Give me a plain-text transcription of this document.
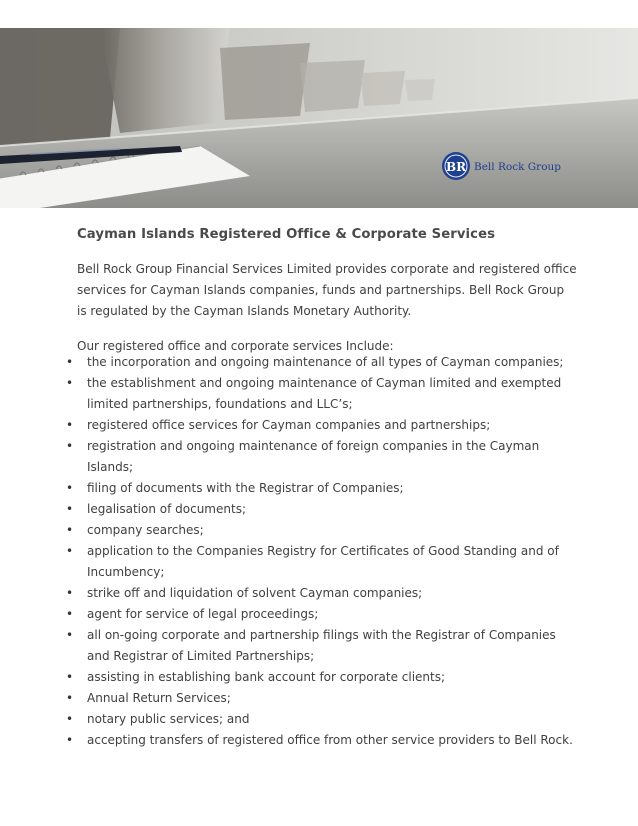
BR Bell Rock Group
Cayman Islands Registered Office & Corporate Services

Bell Rock Group Financial Services Limited provides corporate and registered office services for Cayman Islands companies, funds and partnerships. Bell Rock Group is regulated by the Cayman Islands Monetary Authority.

Our registered office and corporate services Include:

• the incorporation and ongoing maintenance of all types of Cayman companies;
• the establishment and ongoing maintenance of Cayman limited and exempted limited partnerships, foundations and LLC’s;
• registered office services for Cayman companies and partnerships;
• registration and ongoing maintenance of foreign companies in the Cayman Islands;
• filing of documents with the Registrar of Companies;
• legalisation of documents;
• company searches;
• application to the Companies Registry for Certificates of Good Standing and of Incumbency;
• strike off and liquidation of solvent Cayman companies;
• agent for service of legal proceedings;
• all on-going corporate and partnership filings with the Registrar of Companies and Registrar of Limited Partnerships;
• assisting in establishing bank account for corporate clients;
• Annual Return Services;
• notary public services; and
• accepting transfers of registered office from other service providers to Bell Rock.
